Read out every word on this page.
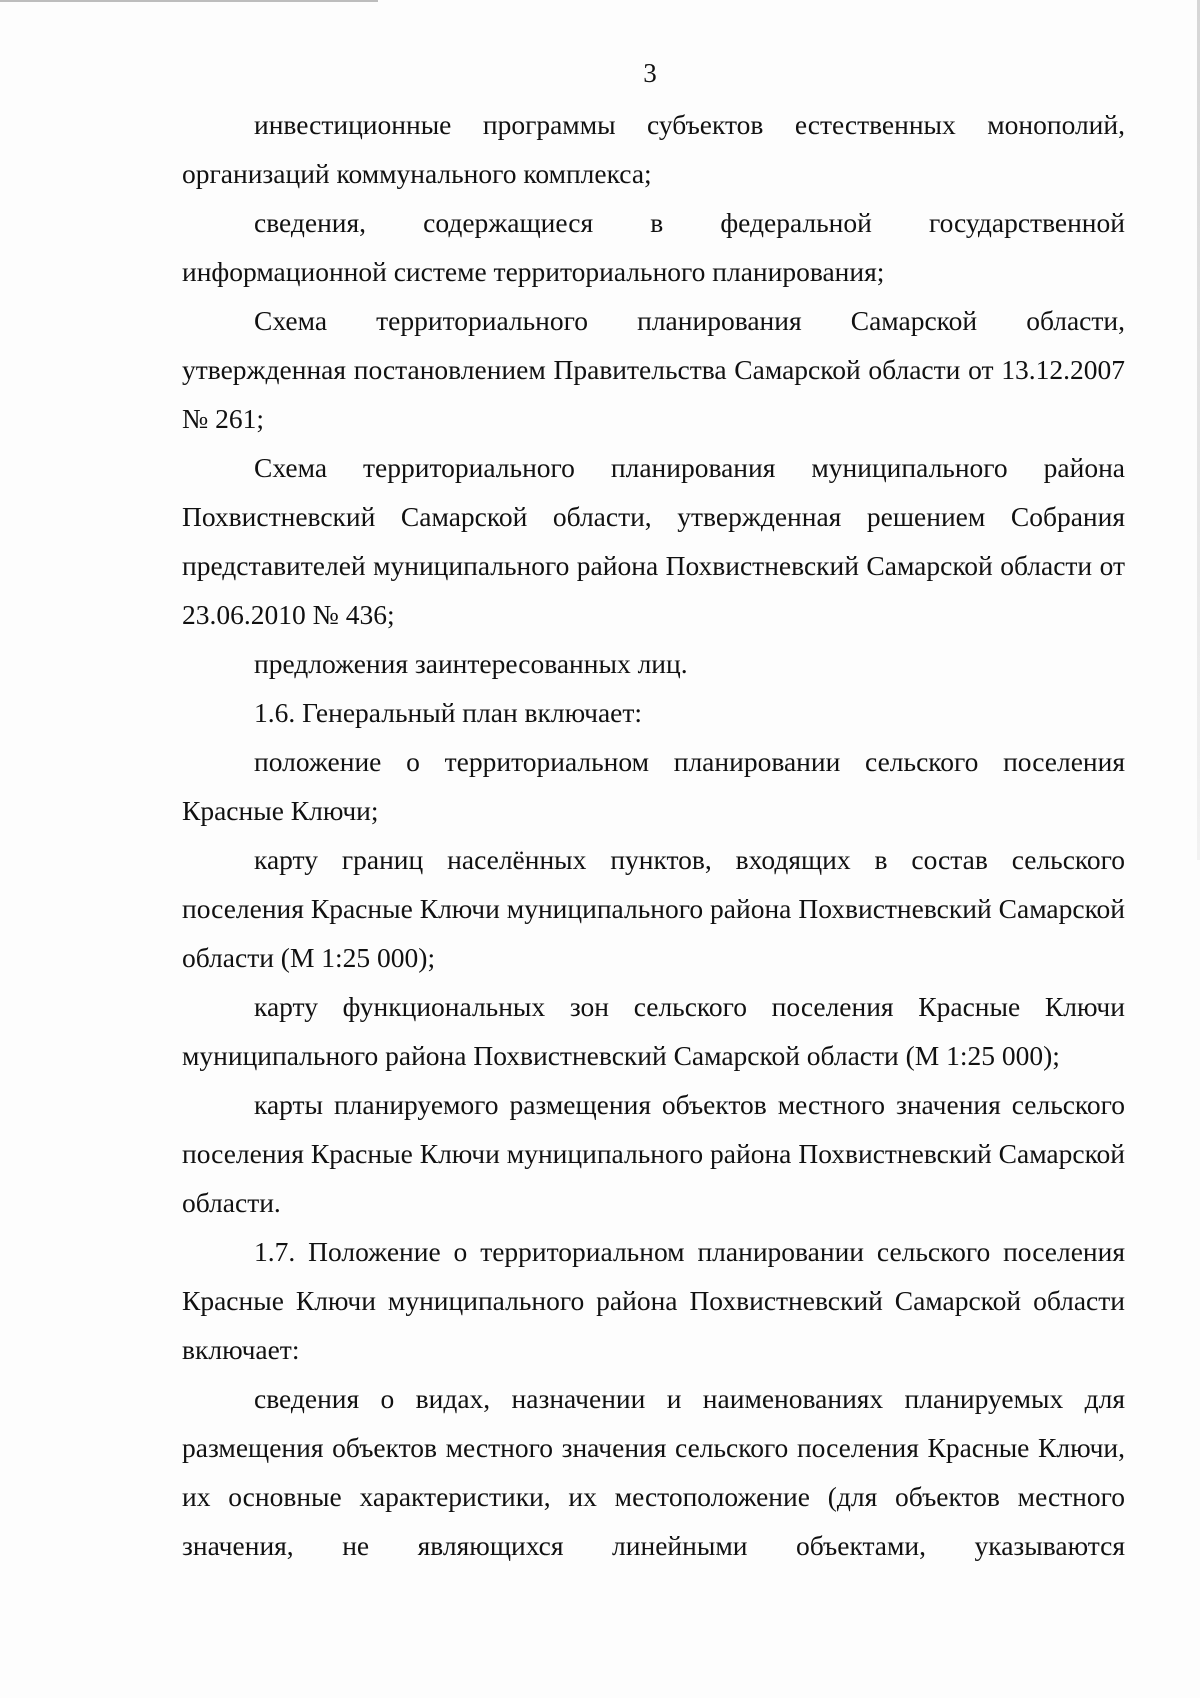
3

инвестиционные программы субъектов естественных монополий, организаций коммунального комплекса;

сведения, содержащиеся в федеральной государственной информационной системе территориального планирования;

Схема территориального планирования Самарской области, утвержденная постановлением Правительства Самарской области от 13.12.2007 № 261;

Схема территориального планирования муниципального района Похвистневский Самарской области, утвержденная решением Собрания представителей муниципального района Похвистневский Самарской области от 23.06.2010 № 436;

предложения заинтересованных лиц.

1.6. Генеральный план включает:

положение о территориальном планировании сельского поселения Красные Ключи;

карту границ населённых пунктов, входящих в состав сельского поселения Красные Ключи муниципального района Похвистневский Самарской области (М 1:25 000);

карту функциональных зон сельского поселения Красные Ключи муниципального района Похвистневский Самарской области (М 1:25 000);

карты планируемого размещения объектов местного значения сельского поселения Красные Ключи муниципального района Похвистневский Самарской области.

1.7. Положение о территориальном планировании сельского поселения Красные Ключи муниципального района Похвистневский Самарской области включает:

сведения о видах, назначении и наименованиях планируемых для размещения объектов местного значения сельского поселения Красные Ключи, их основные характеристики, их местоположение (для объектов местного значения, не являющихся линейными объектами, указываются
